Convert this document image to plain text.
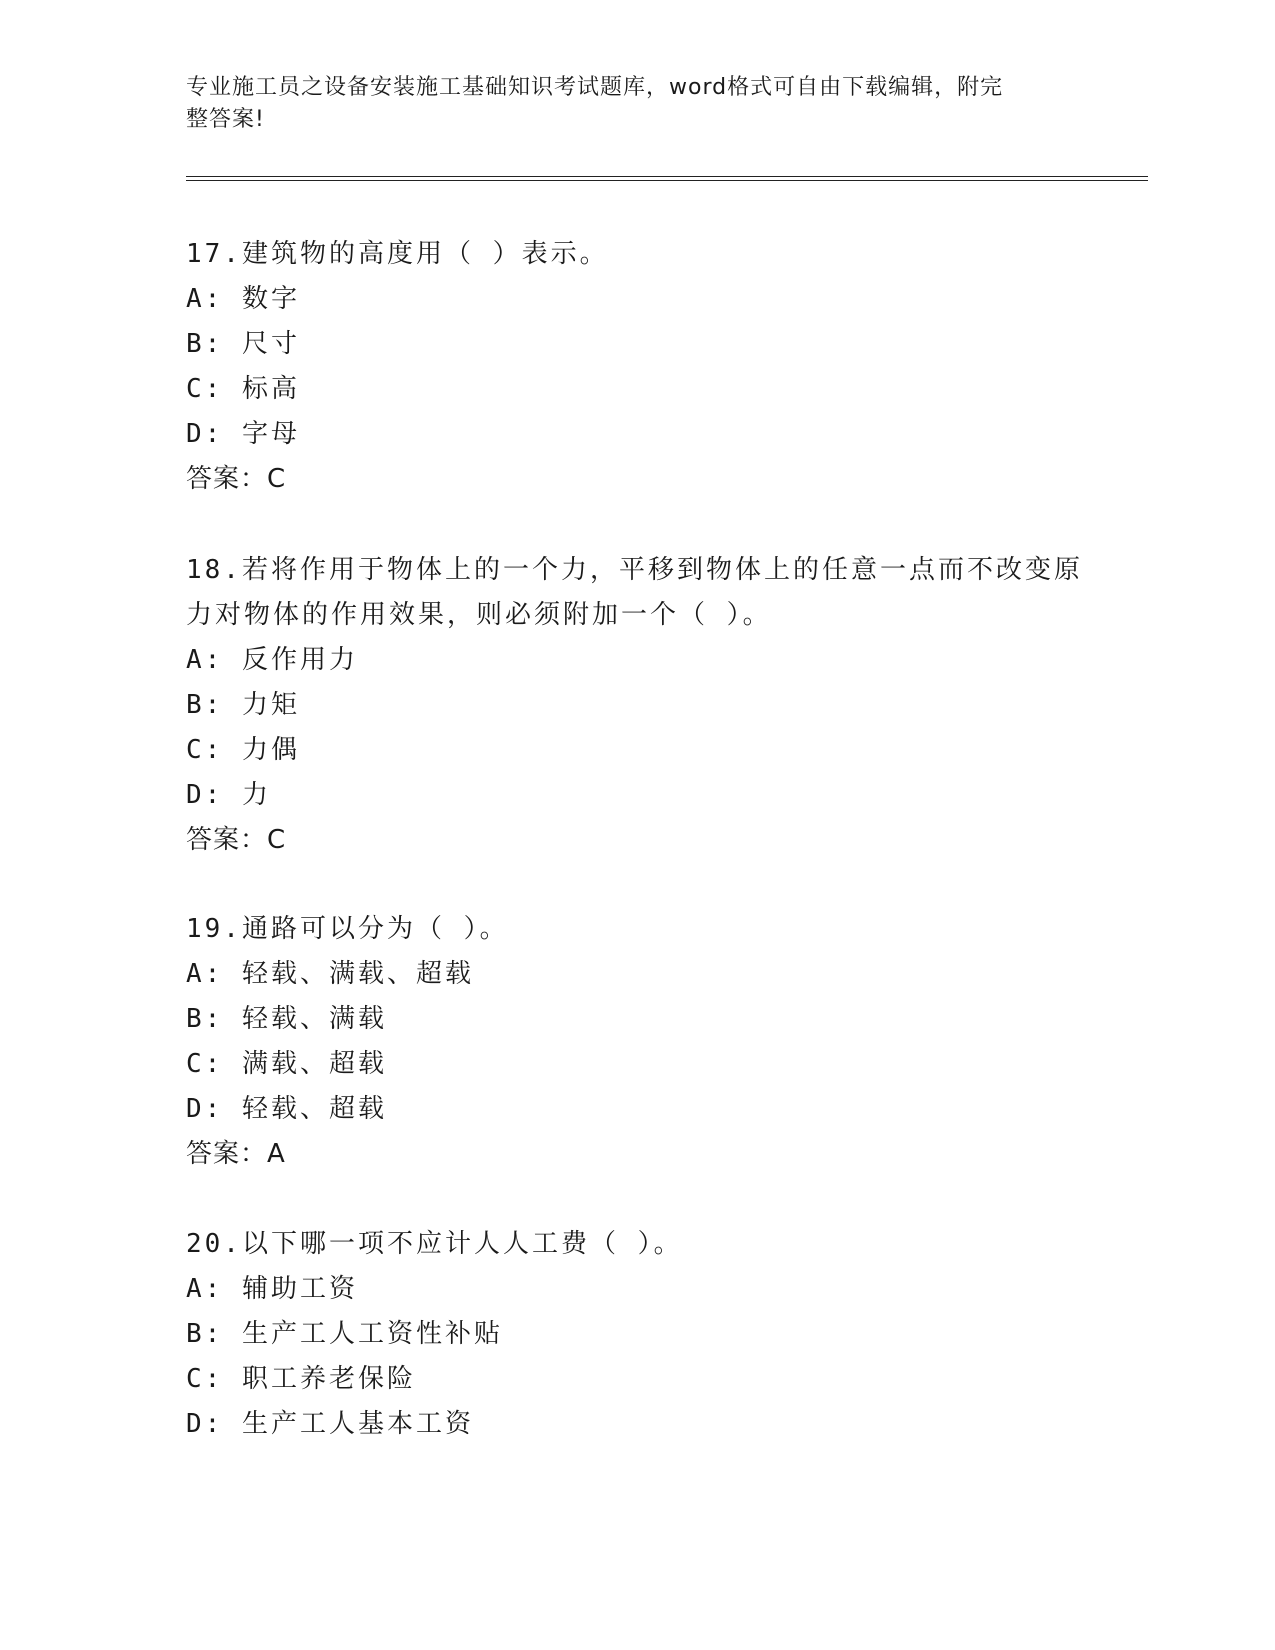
专业施工员之设备安装施工基础知识考试题库，word格式可自由下载编辑，附完
整答案!
17.建筑物的高度用（ ）表示。
A: 数字
B: 尺寸
C: 标高
D: 字母
答案：C
18.若将作用于物体上的一个力，平移到物体上的任意一点而不改变原
力对物体的作用效果，则必须附加一个（ ）。
A: 反作用力
B: 力矩
C: 力偶
D: 力
答案：C
19.通路可以分为（ ）。
A: 轻载、满载、超载
B: 轻载、满载
C: 满载、超载
D: 轻载、超载
答案：A
20.以下哪一项不应计人人工费（ ）。
A: 辅助工资
B: 生产工人工资性补贴
C: 职工养老保险
D: 生产工人基本工资
